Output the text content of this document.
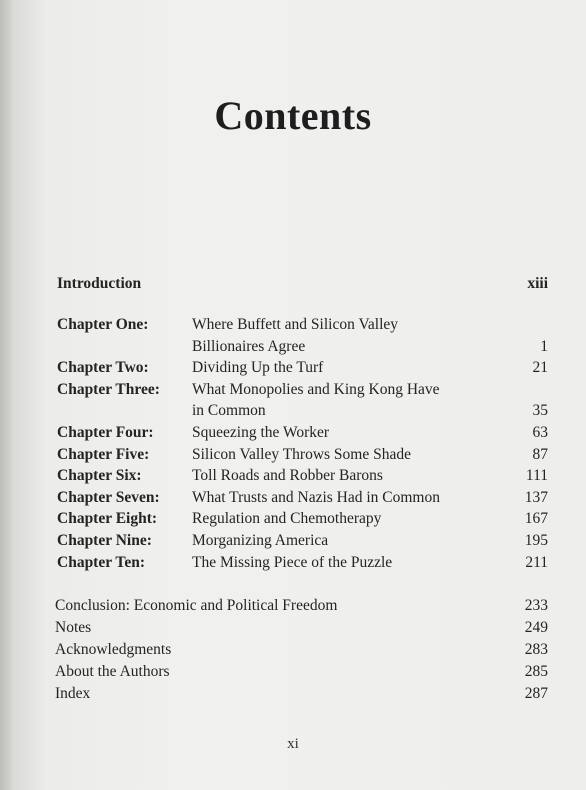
Contents
Introduction	xiii
Chapter One:	Where Buffett and Silicon Valley
Billionaires Agree	1
Chapter Two:	Dividing Up the Turf	21
Chapter Three: What Monopolies and King Kong Have
in Common	35
Chapter Four: Squeezing the Worker	63
Chapter Five:	Silicon Valley Throws Some Shade	87
Chapter Six:	Toll Roads and Robber Barons	111
Chapter Seven: What Trusts and Nazis Had in Common	137
Chapter Eight: Regulation and Chemotherapy	167
Chapter Nine:	Morganizing America	195
Chapter Ten:	The Missing Piece of the Puzzle	211
Conclusion: Economic and Political Freedom	233
Notes	249
Acknowledgments	283
About the Authors	285
Index	287
xi
